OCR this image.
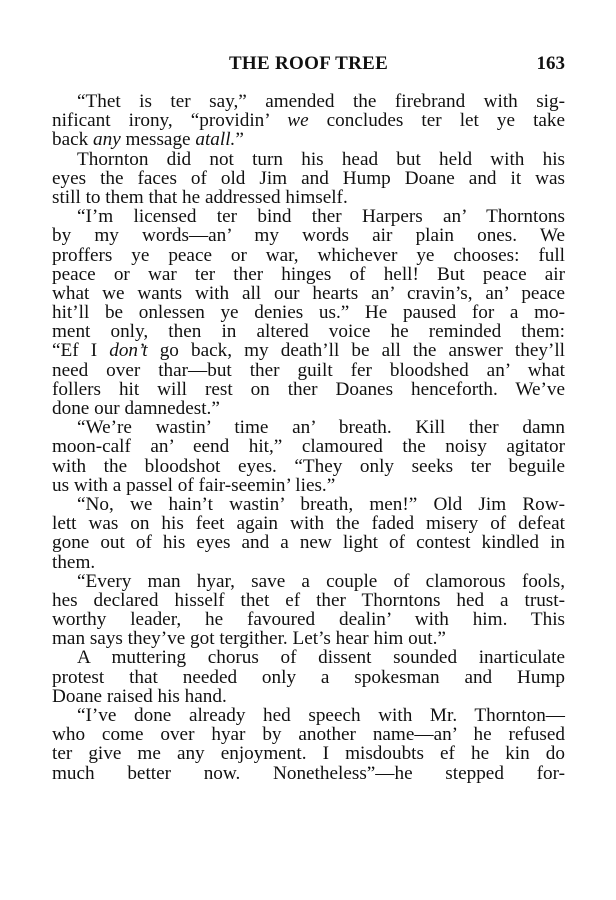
THE ROOF TREE	163
“Thet is ter say,” amended the firebrand with sig-
nificant irony, “providin’ we concludes ter let ye take
back any message atall.”
Thornton did not turn his head but held with his
eyes the faces of old Jim and Hump Doane and it was
still to them that he addressed himself.
“I’m licensed ter bind ther Harpers an’ Thorntons
by my words—an’ my words air plain ones. We
proffers ye peace or war, whichever ye chooses: full
peace or war ter ther hinges of hell! But peace air
what we wants with all our hearts an’ cravin’s, an’ peace
hit’ll be onlessen ye denies us.” He paused for a mo-
ment only, then in altered voice he reminded them:
“Ef I don’t go back, my death’ll be all the answer they’ll
need over thar—but ther guilt fer bloodshed an’ what
follers hit will rest on ther Doanes henceforth. We’ve
done our damnedest.”
“We’re wastin’ time an’ breath. Kill ther damn
moon-calf an’ eend hit,” clamoured the noisy agitator
with the bloodshot eyes. “They only seeks ter beguile
us with a passel of fair-seemin’ lies.”
“No, we hain’t wastin’ breath, men!” Old Jim Row-
lett was on his feet again with the faded misery of defeat
gone out of his eyes and a new light of contest kindled in
them.
“Every man hyar, save a couple of clamorous fools,
hes declared hisself thet ef ther Thorntons hed a trust-
worthy leader, he favoured dealin’ with him. This
man says they’ve got tergither. Let’s hear him out.”
A muttering chorus of dissent sounded inarticulate
protest that needed only a spokesman and Hump
Doane raised his hand.
“I’ve done already hed speech with Mr. Thornton—
who come over hyar by another name—an’ he refused
ter give me any enjoyment. I misdoubts ef he kin do
much better now. Nonetheless”—he stepped for-
